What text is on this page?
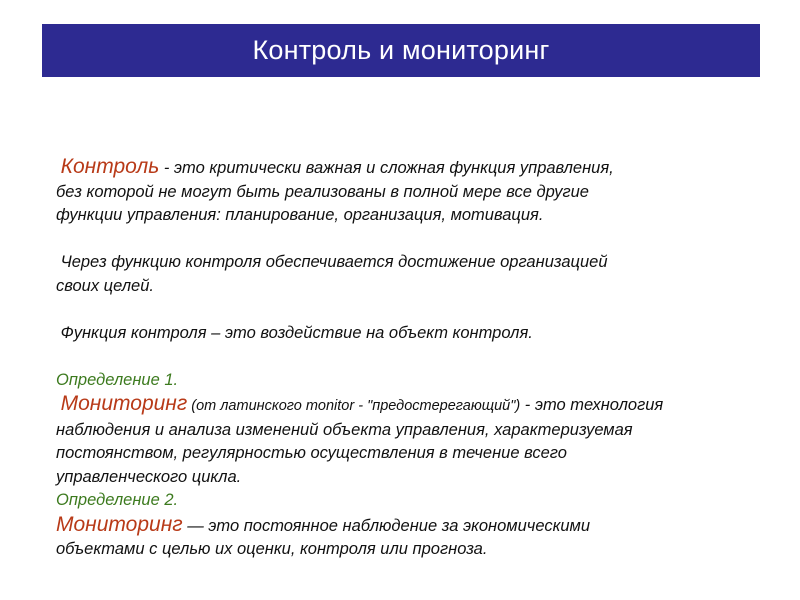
Контроль и мониторинг

Контроль - это критически важная и сложная функция управления,

без которой не могут быть реализованы в полной мере все другие

функции управления: планирование, организация, мотивация.

Через функцию контроля обеспечивается достижение организацией

своих целей.

Функция контроля – это воздействие на объект контроля.

Определение 1.

Мониторинг (от латинского monitor - "предостерегающий") - это технология

наблюдения и анализа изменений объекта управления, характеризуемая

постоянством, регулярностью осуществления в течение всего

управленческого цикла.

Определение 2.

Мониторинг — это постоянное наблюдение за экономическими

объектами с целью их оценки, контроля или прогноза.
